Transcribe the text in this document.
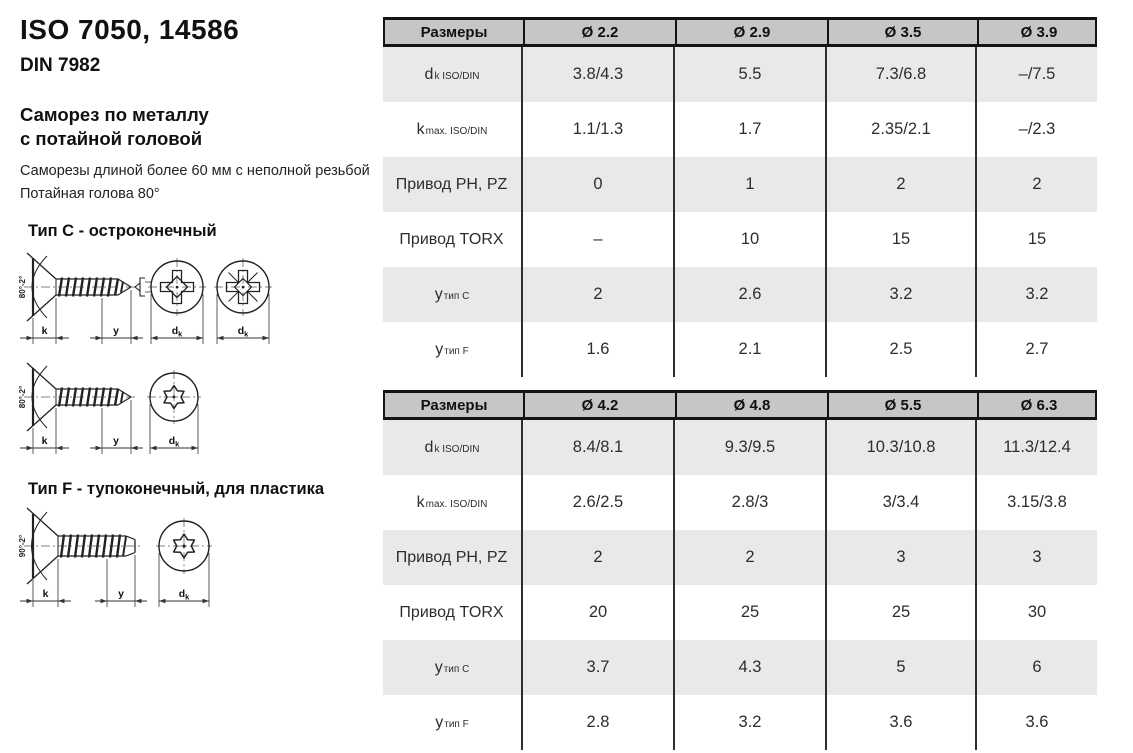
ISO 7050, 14586
DIN 7982
Саморез по металлу
с потайной головой
Саморезы длиной более 60 мм с неполной резьбой
Потайная голова 80°
Тип C - остроконечный
80°-2°
k	y	$d_k$	$d_k$
80°-2°
k	y	$d_k$
Тип F - тупоконечный, для пластика
90°-2°
k	y	$d_k$
Размеры	Ø 2.2	Ø 2.9	Ø 3.5	Ø 3.9
$d_{k ISO/DIN}$	3.8/4.3	5.5	7.3/6.8	–/7.5
$k_{max. ISO/DIN}$	1.1/1.3	1.7	2.35/2.1	–/2.3
Привод PH, PZ	0	1	2	2
Привод TORX	–	10	15	15
$y_{тип C}$	2	2.6	3.2	3.2
$y_{тип F}$	1.6	2.1	2.5	2.7
Размеры	Ø 4.2	Ø 4.8	Ø 5.5	Ø 6.3
$d_{k ISO/DIN}$	8.4/8.1	9.3/9.5	10.3/10.8	11.3/12.4
$k_{max. ISO/DIN}$	2.6/2.5	2.8/3	3/3.4	3.15/3.8
Привод PH, PZ	2	2	3	3
Привод TORX	20	25	25	30
$y_{тип C}$	3.7	4.3	5	6
$y_{тип F}$	2.8	3.2	3.6	3.6
